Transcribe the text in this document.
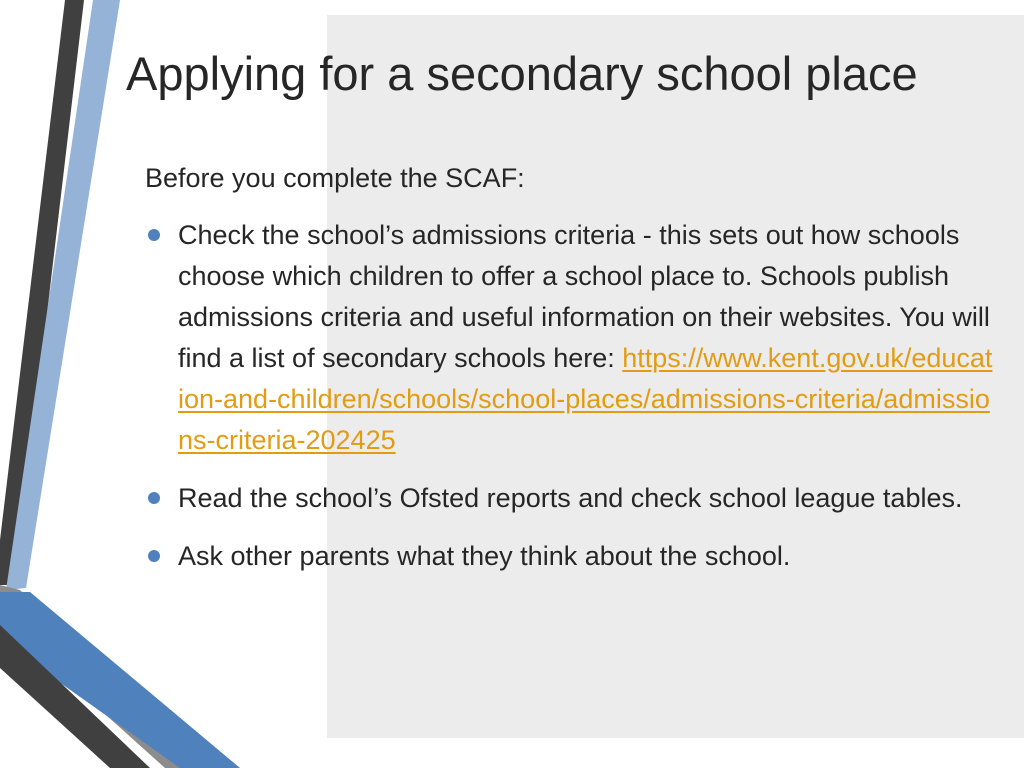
Applying for a secondary school place

Before you complete the SCAF:

Check the school’s admissions criteria - this sets out how schools choose which children to offer a school place to. Schools publish admissions criteria and useful information on their websites. You will find a list of secondary schools here: https://www.kent.gov.uk/education-and-children/schools/school-places/admissions-criteria/admissions-criteria-202425
Read the school’s Ofsted reports and check school league tables.
Ask other parents what they think about the school.
